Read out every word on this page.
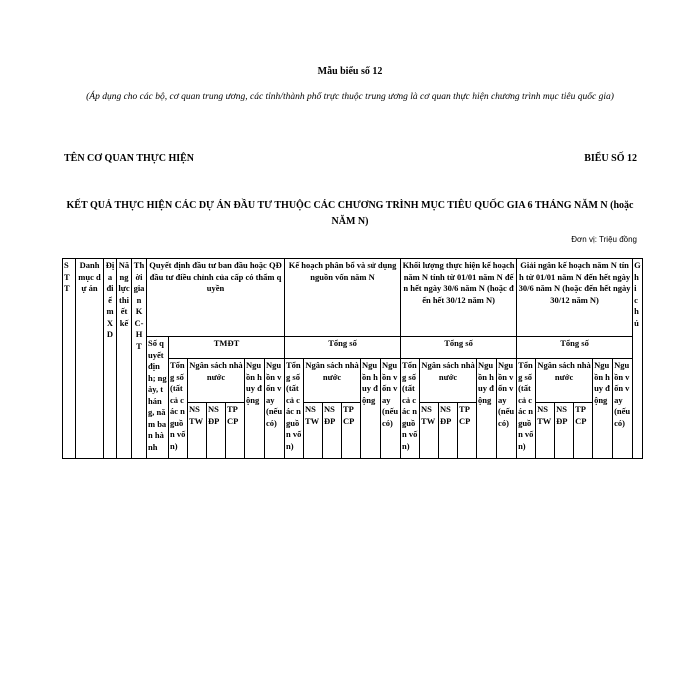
Mẫu biểu số 12
(Áp dụng cho các bộ, cơ quan trung ương, các tỉnh/thành phố trực thuộc trung ương là cơ quan thực hiện chương trình mục tiêu quốc gia)
TÊN CƠ QUAN THỰC HIỆN	BIỂU SỐ 12
KẾT QUẢ THỰC HIỆN CÁC DỰ ÁN ĐẦU TƯ THUỘC CÁC CHƯƠNG TRÌNH MỤC TIÊU QUỐC GIA 6 THÁNG NĂM N (hoặc NĂM N)
Đơn vị: Triệu đồng
STT	Danh mục dự án	Địa điểm XD	Năng lực thiết kế	Thời gian KC-HT	Quyết định đầu tư ban đầu hoặc QĐ đầu tư điều chỉnh của cấp có thẩm quyền							Kế hoạch phân bổ và sử dụng nguồn vốn năm N						Khối lượng thực hiện kế hoạch năm N tính từ 01/01 năm N đến hết ngày 30/6 năm N (hoặc đến hết 30/12 năm N)						Giải ngân kế hoạch năm N tính từ 01/01 năm N đến hết ngày 30/6 năm N (hoặc đến hết ngày 30/12 năm N)						Ghi chú
					Số quyết định; ngày, tháng, năm ban hành	TMĐT						Tổng số						Tổng số						Tổng số						
						Tổng số (tất cả các nguồn vốn)	Ngân sách nhà nước			Nguồn huy động	Nguồn vốn vay (nếu có)	Tổng số (tất cả các nguồn vốn)	Ngân sách nhà nước			Nguồn huy động	Nguồn vốn vay (nếu có)	Tổng số (tất cả các nguồn vốn)	Ngân sách nhà nước			Nguồn huy động	Nguồn vốn vay (nếu có)	Tổng số (tất cả các nguồn vốn)	Ngân sách nhà nước			Nguồn huy động	Nguồn vốn vay (nếu có)	
							NS TW	NS ĐP	TP CP				NS TW	NS ĐP	TP CP				NS TW	NS ĐP	TP CP				NS TW	NS ĐP	TP CP			
